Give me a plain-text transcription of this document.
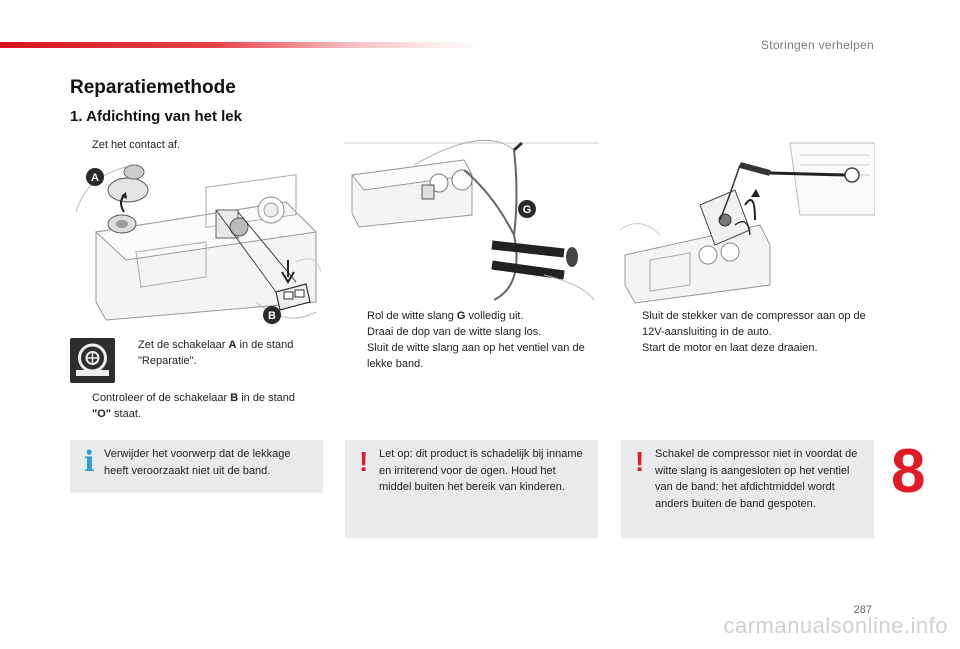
Storingen verhelpen
Reparatiemethode
1. Afdichting van het lek
Zet het contact af.
A
B
Zet de schakelaar A in de stand "Reparatie".
Controleer of de schakelaar B in de stand "O" staat.
i Verwijder het voorwerp dat de lekkage heeft veroorzaakt niet uit de band.
G
Rol de witte slang G volledig uit.
Draai de dop van de witte slang los.
Sluit de witte slang aan op het ventiel van de lekke band.
! Let op: dit product is schadelijk bij inname en irriterend voor de ogen. Houd het middel buiten het bereik van kinderen.
Sluit de stekker van de compressor aan op de 12V-aansluiting in de auto.
Start de motor en laat deze draaien.
! Schakel de compressor niet in voordat de witte slang is aangesloten op het ventiel van de band: het afdichtmiddel wordt anders buiten de band gespoten.	8
287
carmanualsonline.info
